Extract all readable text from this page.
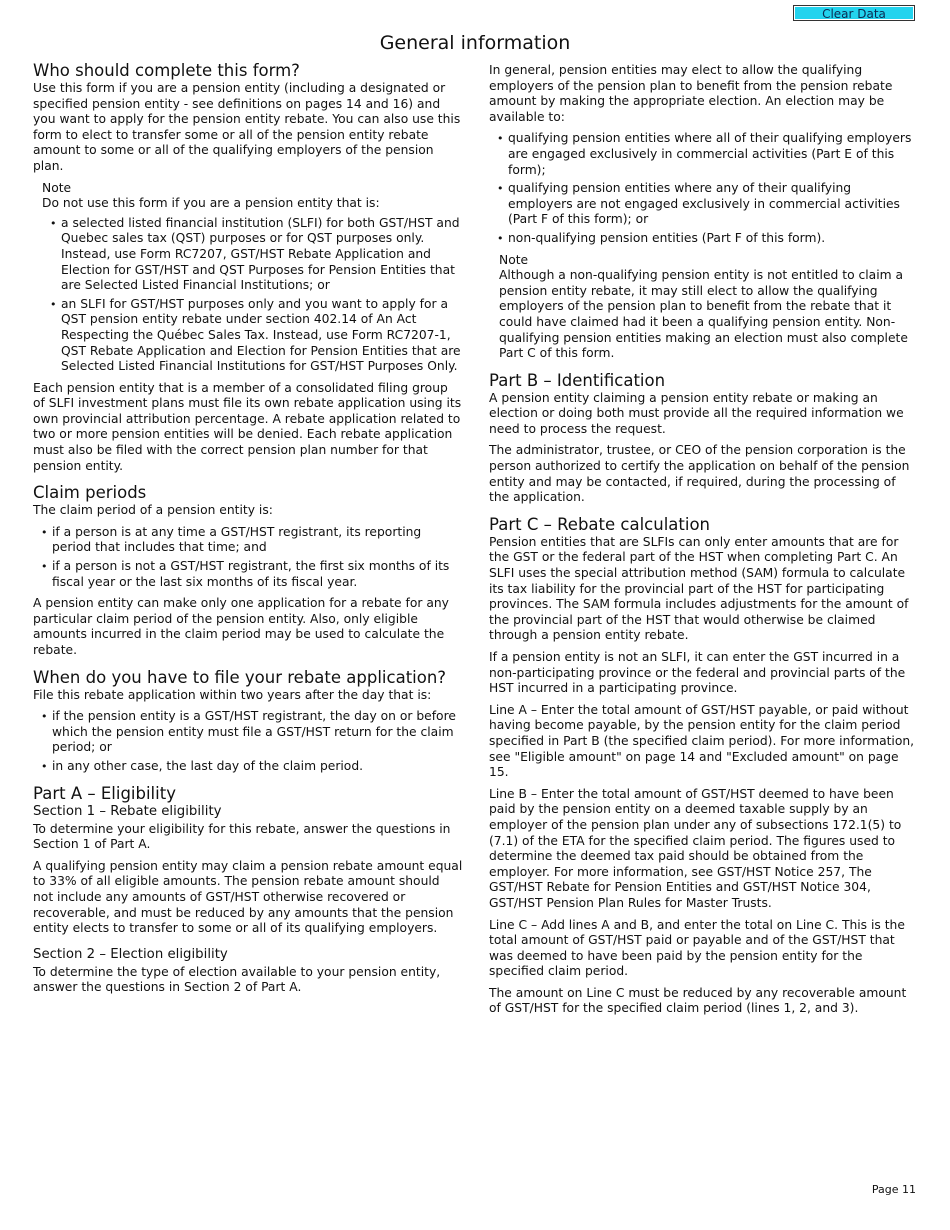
Clear Data
General information
Who should complete this form?

Use this form if you are a pension entity (including a designated or specified pension entity - see definitions on pages 14 and 16) and you want to apply for the pension entity rebate. You can also use this form to elect to transfer some or all of the pension entity rebate amount to some or all of the qualifying employers of the pension plan.

Note

Do not use this form if you are a pension entity that is:

• a selected listed financial institution (SLFI) for both GST/HST and Quebec sales tax (QST) purposes or for QST purposes only. Instead, use Form RC7207, GST/HST Rebate Application and Election for GST/HST and QST Purposes for Pension Entities that are Selected Listed Financial Institutions; or
• an SLFI for GST/HST purposes only and you want to apply for a QST pension entity rebate under section 402.14 of An Act Respecting the Québec Sales Tax. Instead, use Form RC7207-1, QST Rebate Application and Election for Pension Entities that are Selected Listed Financial Institutions for GST/HST Purposes Only.

Each pension entity that is a member of a consolidated filing group of SLFI investment plans must file its own rebate application using its own provincial attribution percentage. A rebate application related to two or more pension entities will be denied. Each rebate application must also be filed with the correct pension plan number for that pension entity.

Claim periods

The claim period of a pension entity is:

• if a person is at any time a GST/HST registrant, its reporting period that includes that time; and
• if a person is not a GST/HST registrant, the first six months of its fiscal year or the last six months of its fiscal year.

A pension entity can make only one application for a rebate for any particular claim period of the pension entity. Also, only eligible amounts incurred in the claim period may be used to calculate the rebate.

When do you have to file your rebate application?

File this rebate application within two years after the day that is:

• if the pension entity is a GST/HST registrant, the day on or before which the pension entity must file a GST/HST return for the claim period; or
• in any other case, the last day of the claim period.
Part A – Eligibility
Section 1 – Rebate eligibility

To determine your eligibility for this rebate, answer the questions in Section 1 of Part A.

A qualifying pension entity may claim a pension rebate amount equal to 33% of all eligible amounts. The pension rebate amount should not include any amounts of GST/HST otherwise recovered or recoverable, and must be reduced by any amounts that the pension entity elects to transfer to some or all of its qualifying employers.

Section 2 – Election eligibility

To determine the type of election available to your pension entity, answer the questions in Section 2 of Part A.

In general, pension entities may elect to allow the qualifying employers of the pension plan to benefit from the pension rebate amount by making the appropriate election. An election may be available to:

• qualifying pension entities where all of their qualifying employers are engaged exclusively in commercial activities (Part E of this form);
• qualifying pension entities where any of their qualifying employers are not engaged exclusively in commercial activities (Part F of this form); or
• non-qualifying pension entities (Part F of this form).

Note

Although a non-qualifying pension entity is not entitled to claim a pension entity rebate, it may still elect to allow the qualifying employers of the pension plan to benefit from the rebate that it could have claimed had it been a qualifying pension entity. Non-qualifying pension entities making an election must also complete Part C of this form.

Part B – Identification

A pension entity claiming a pension entity rebate or making an election or doing both must provide all the required information we need to process the request.

The administrator, trustee, or CEO of the pension corporation is the person authorized to certify the application on behalf of the pension entity and may be contacted, if required, during the processing of the application.

Part C – Rebate calculation

Pension entities that are SLFIs can only enter amounts that are for the GST or the federal part of the HST when completing Part C. An SLFI uses the special attribution method (SAM) formula to calculate its tax liability for the provincial part of the HST for participating provinces. The SAM formula includes adjustments for the amount of the provincial part of the HST that would otherwise be claimed through a pension entity rebate.

If a pension entity is not an SLFI, it can enter the GST incurred in a non-participating province or the federal and provincial parts of the HST incurred in a participating province.

Line A – Enter the total amount of GST/HST payable, or paid without having become payable, by the pension entity for the claim period specified in Part B (the specified claim period). For more information, see "Eligible amount" on page 14 and "Excluded amount" on page 15.

Line B – Enter the total amount of GST/HST deemed to have been paid by the pension entity on a deemed taxable supply by an employer of the pension plan under any of subsections 172.1(5) to (7.1) of the ETA for the specified claim period. The figures used to determine the deemed tax paid should be obtained from the employer. For more information, see GST/HST Notice 257, The GST/HST Rebate for Pension Entities and GST/HST Notice 304, GST/HST Pension Plan Rules for Master Trusts.

Line C – Add lines A and B, and enter the total on Line C. This is the total amount of GST/HST paid or payable and of the GST/HST that was deemed to have been paid by the pension entity for the specified claim period.

The amount on Line C must be reduced by any recoverable amount of GST/HST for the specified claim period (lines 1, 2, and 3).

Page 11
